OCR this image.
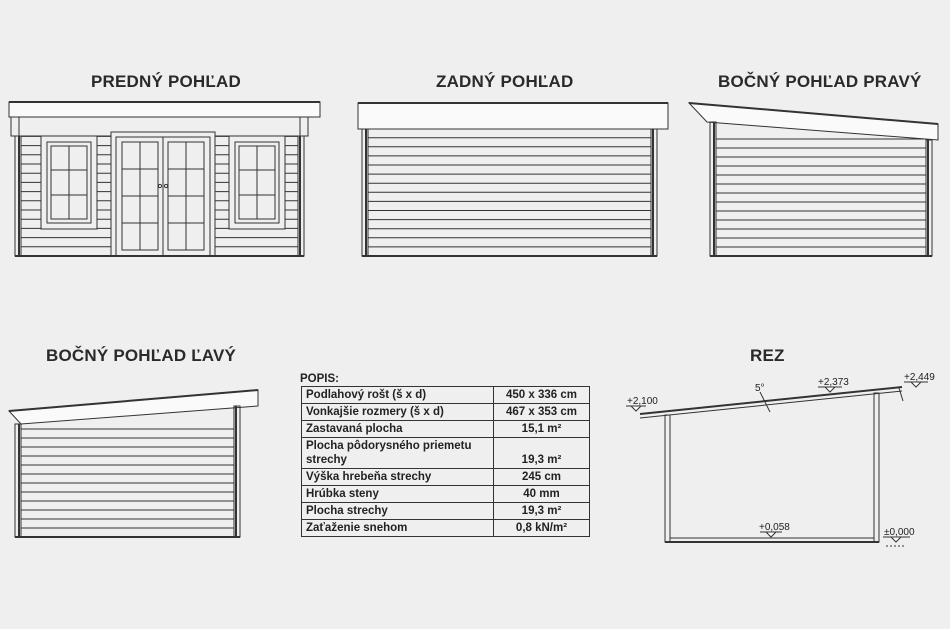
PREDNÝ POHĽAD	ZADNÝ POHĽAD	BOČNÝ POHĽAD PRAVÝ
BOČNÝ POHĽAD ĽAVÝ	REZ
+2,100
+2,373	+2,449
+0,058	±0,000
5°
POPIS:
Podlahový rošt (š x d)	450 x 336 cm
Vonkajšie rozmery (š x d)	467 x 353 cm
Zastavaná plocha	15,1 m²
Plocha pôdorysného priemetu strechy	19,3 m²
Výška hrebeňa strechy	245 cm
Hrúbka steny	40 mm
Plocha strechy	19,3 m²
Zaťaženie snehom	0,8 kN/m²
